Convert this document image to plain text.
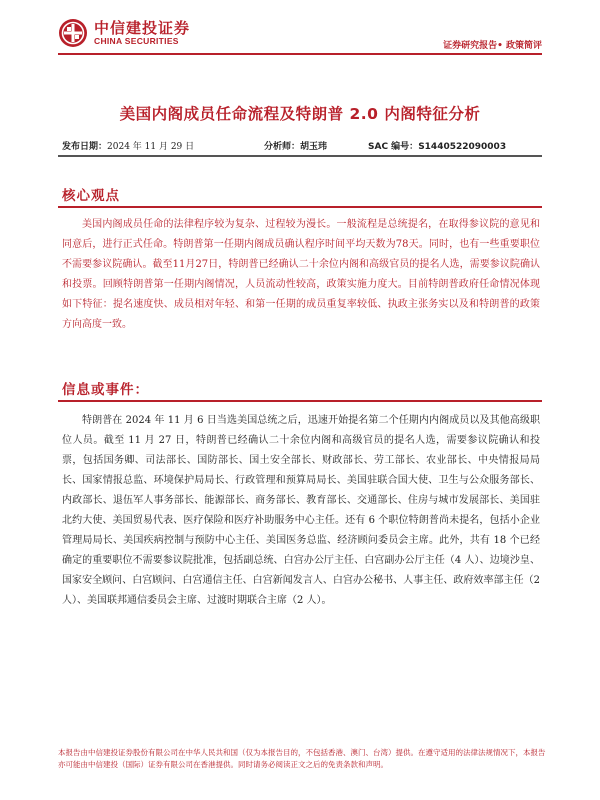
中信建投证券
CHINA SECURITIES
证券研究报告• 政策简评
美国内阁成员任命流程及特朗普 2.0 内阁特征分析
发布日期：2024 年 11 月 29 日	分析师：胡玉玮	SAC 编号：S1440522090003
核心观点
美国内阁成员任命的法律程序较为复杂、过程较为漫长。一般流程是总统提名，在取得参议院的意见和同意后，进行正式任命。特朗普第一任期内阁成员确认程序时间平均天数为78天。同时，也有一些重要职位不需要参议院确认。截至11月27日，特朗普已经确认二十余位内阁和高级官员的提名人选，需要参议院确认和投票。回顾特朗普第一任期内阁情况，人员流动性较高，政策实施力度大。目前特朗普政府任命情况体现如下特征：提名速度快、成员相对年轻、和第一任期的成员重复率较低、执政主张务实以及和特朗普的政策方向高度一致。
信息或事件：
特朗普在 2024 年 11 月 6 日当选美国总统之后，迅速开始提名第二个任期内内阁成员以及其他高级职位人员。截至 11 月 27 日，特朗普已经确认二十余位内阁和高级官员的提名人选，需要参议院确认和投票，包括国务卿、司法部长、国防部长、国土安全部长、财政部长、劳工部长、农业部长、中央情报局局长、国家情报总监、环境保护局局长、行政管理和预算局局长、美国驻联合国大使、卫生与公众服务部长、内政部长、退伍军人事务部长、能源部长、商务部长、教育部长、交通部长、住房与城市发展部长、美国驻北约大使、美国贸易代表、医疗保险和医疗补助服务中心主任。还有 6 个职位特朗普尚未提名，包括小企业管理局局长、美国疾病控制与预防中心主任、美国医务总监、经济顾问委员会主席。此外，共有 18 个已经确定的重要职位不需要参议院批准，包括副总统、白宫办公厅主任、白宫副办公厅主任（4 人）、边境沙皇、国家安全顾问、白宫顾问、白宫通信主任、白宫新闻发言人、白宫办公秘书、人事主任、政府效率部主任（2 人）、美国联邦通信委员会主席、过渡时期联合主席（2 人）。
本报告由中信建投证券股份有限公司在中华人民共和国（仅为本报告目的，不包括香港、澳门、台湾）提供。在遵守适用的法律法规情况下，本报告亦可能由中信建投（国际）证券有限公司在香港提供。同时请务必阅读正文之后的免责条款和声明。
